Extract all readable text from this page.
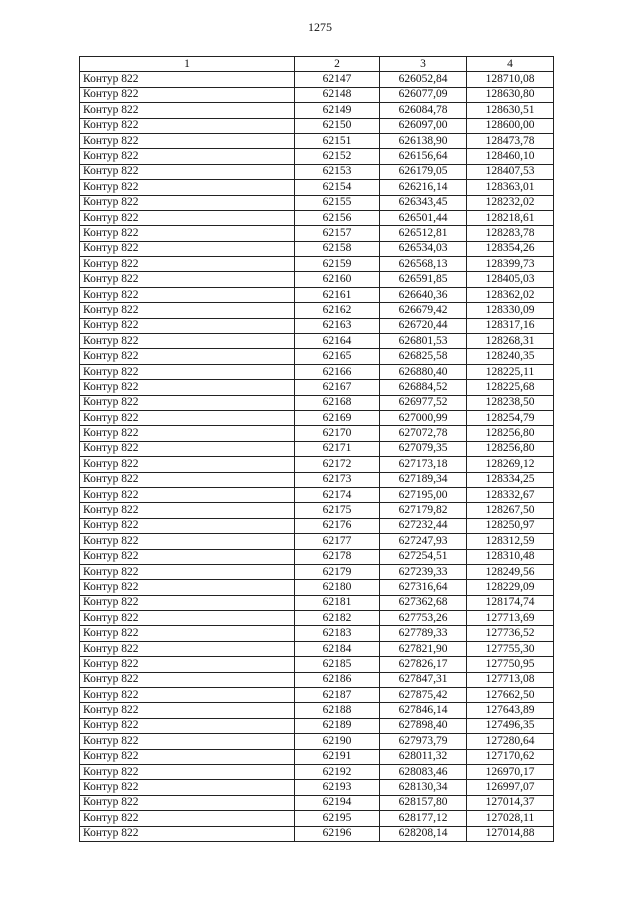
1275
1	2	3	4
Контур 822	62147	626052,84	128710,08
Контур 822	62148	626077,09	128630,80
Контур 822	62149	626084,78	128630,51
Контур 822	62150	626097,00	128600,00
Контур 822	62151	626138,90	128473,78
Контур 822	62152	626156,64	128460,10
Контур 822	62153	626179,05	128407,53
Контур 822	62154	626216,14	128363,01
Контур 822	62155	626343,45	128232,02
Контур 822	62156	626501,44	128218,61
Контур 822	62157	626512,81	128283,78
Контур 822	62158	626534,03	128354,26
Контур 822	62159	626568,13	128399,73
Контур 822	62160	626591,85	128405,03
Контур 822	62161	626640,36	128362,02
Контур 822	62162	626679,42	128330,09
Контур 822	62163	626720,44	128317,16
Контур 822	62164	626801,53	128268,31
Контур 822	62165	626825,58	128240,35
Контур 822	62166	626880,40	128225,11
Контур 822	62167	626884,52	128225,68
Контур 822	62168	626977,52	128238,50
Контур 822	62169	627000,99	128254,79
Контур 822	62170	627072,78	128256,80
Контур 822	62171	627079,35	128256,80
Контур 822	62172	627173,18	128269,12
Контур 822	62173	627189,34	128334,25
Контур 822	62174	627195,00	128332,67
Контур 822	62175	627179,82	128267,50
Контур 822	62176	627232,44	128250,97
Контур 822	62177	627247,93	128312,59
Контур 822	62178	627254,51	128310,48
Контур 822	62179	627239,33	128249,56
Контур 822	62180	627316,64	128229,09
Контур 822	62181	627362,68	128174,74
Контур 822	62182	627753,26	127713,69
Контур 822	62183	627789,33	127736,52
Контур 822	62184	627821,90	127755,30
Контур 822	62185	627826,17	127750,95
Контур 822	62186	627847,31	127713,08
Контур 822	62187	627875,42	127662,50
Контур 822	62188	627846,14	127643,89
Контур 822	62189	627898,40	127496,35
Контур 822	62190	627973,79	127280,64
Контур 822	62191	628011,32	127170,62
Контур 822	62192	628083,46	126970,17
Контур 822	62193	628130,34	126997,07
Контур 822	62194	628157,80	127014,37
Контур 822	62195	628177,12	127028,11
Контур 822	62196	628208,14	127014,88
